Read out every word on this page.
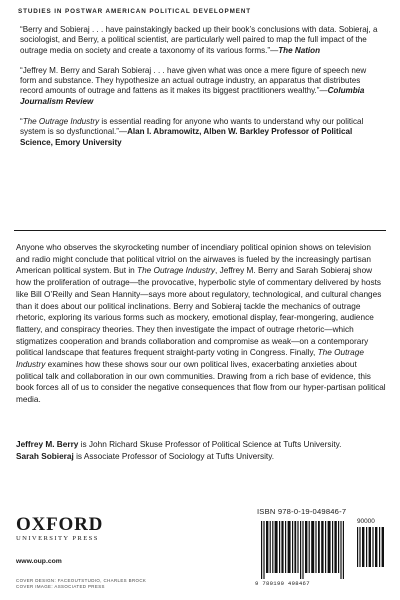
STUDIES IN POSTWAR AMERICAN POLITICAL DEVELOPMENT

“Berry and Sobieraj . . . have painstakingly backed up their book’s conclusions with data. Sobieraj, a sociologist, and Berry, a political scientist, are particularly well paired to map the full impact of the outrage media on society and create a taxonomy of its various forms.”—The Nation

“Jeffrey M. Berry and Sarah Sobieraj . . . have given what was once a mere figure of speech new form and substance. They hypothesize an actual outrage industry, an apparatus that distributes record amounts of outrage and fattens as it makes its biggest practitioners wealthy.”—Columbia Journalism Review

“The Outrage Industry is essential reading for anyone who wants to understand why our political system is so dysfunctional.”—Alan I. Abramowitz, Alben W. Barkley Professor of Political Science, Emory University

Anyone who observes the skyrocketing number of incendiary political opinion shows on television and radio might conclude that political vitriol on the airwaves is fueled by the increasingly partisan American political system. But in The Outrage Industry, Jeffrey M. Berry and Sarah Sobieraj show how the proliferation of outrage—the provocative, hyperbolic style of commentary delivered by hosts like Bill O’Reilly and Sean Hannity—says more about regulatory, technological, and cultural changes than it does about our political inclinations. Berry and Sobieraj tackle the mechanics of outrage rhetoric, exploring its various forms such as mockery, emotional display, fear-mongering, audience flattery, and conspiracy theories. They then investigate the impact of outrage rhetoric—which stigmatizes cooperation and brands collaboration and compromise as weak—on a contemporary political landscape that features frequent straight-party voting in Congress. Finally, The Outrage Industry examines how these shows sour our own political lives, exacerbating anxieties about political talk and collaboration in our own communities. Drawing from a rich base of evidence, this book forces all of us to consider the negative consequences that flow from our hyper-partisan political media.

Jeffrey M. Berry is John Richard Skuse Professor of Political Science at Tufts University.
Sarah Sobieraj is Associate Professor of Sociology at Tufts University.
OXFORD
UNIVERSITY PRESS
www.oup.com
COVER DESIGN: FACEOUTSTUDIO, CHARLES BROCK
COVER IMAGE: ASSOCIATED PRESS
ISBN 978-0-19-049846-7
90000
9 780190 498467
